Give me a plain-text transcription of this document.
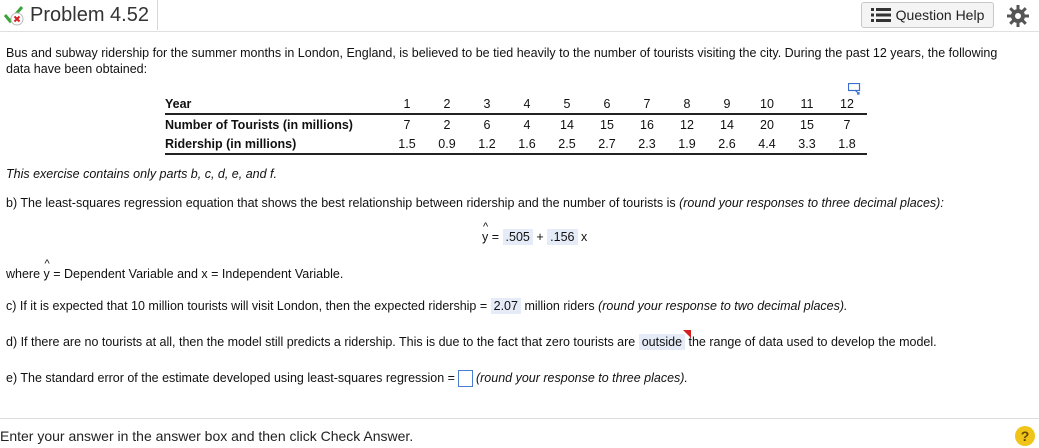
Problem 4.52	Question Help
Bus and subway ridership for the summer months in London, England, is believed to be tied heavily to the number of tourists visiting the city. During the past 12 years, the following data have been obtained:
Year	1	2	3	4	5	6	7	8	9	10	11	12
Number of Tourists (in millions)	7	2	6	4	14	15	16	12	14	20	15	7
Ridership (in millions)	1.5	0.9	1.2	1.6	2.5	2.7	2.3	1.9	2.6	4.4	3.3	1.8
This exercise contains only parts b, c, d, e, and f.
b) The least-squares regression equation that shows the best relationship between ridership and the number of tourists is (round your responses to three decimal places):
^
y = .505 + .156 x
where
^
y = Dependent Variable and x = Independent Variable.
c) If it is expected that 10 million tourists will visit London, then the expected ridership = 2.07 million riders (round your response to two decimal places).
d) If there are no tourists at all, then the model still predicts a ridership. This is due to the fact that zero tourists are outside
the range of data used to develop the model.
e) The standard error of the estimate developed using least-squares regression = (round your response to three places).
Enter your answer in the answer box and then click Check Answer.	?
